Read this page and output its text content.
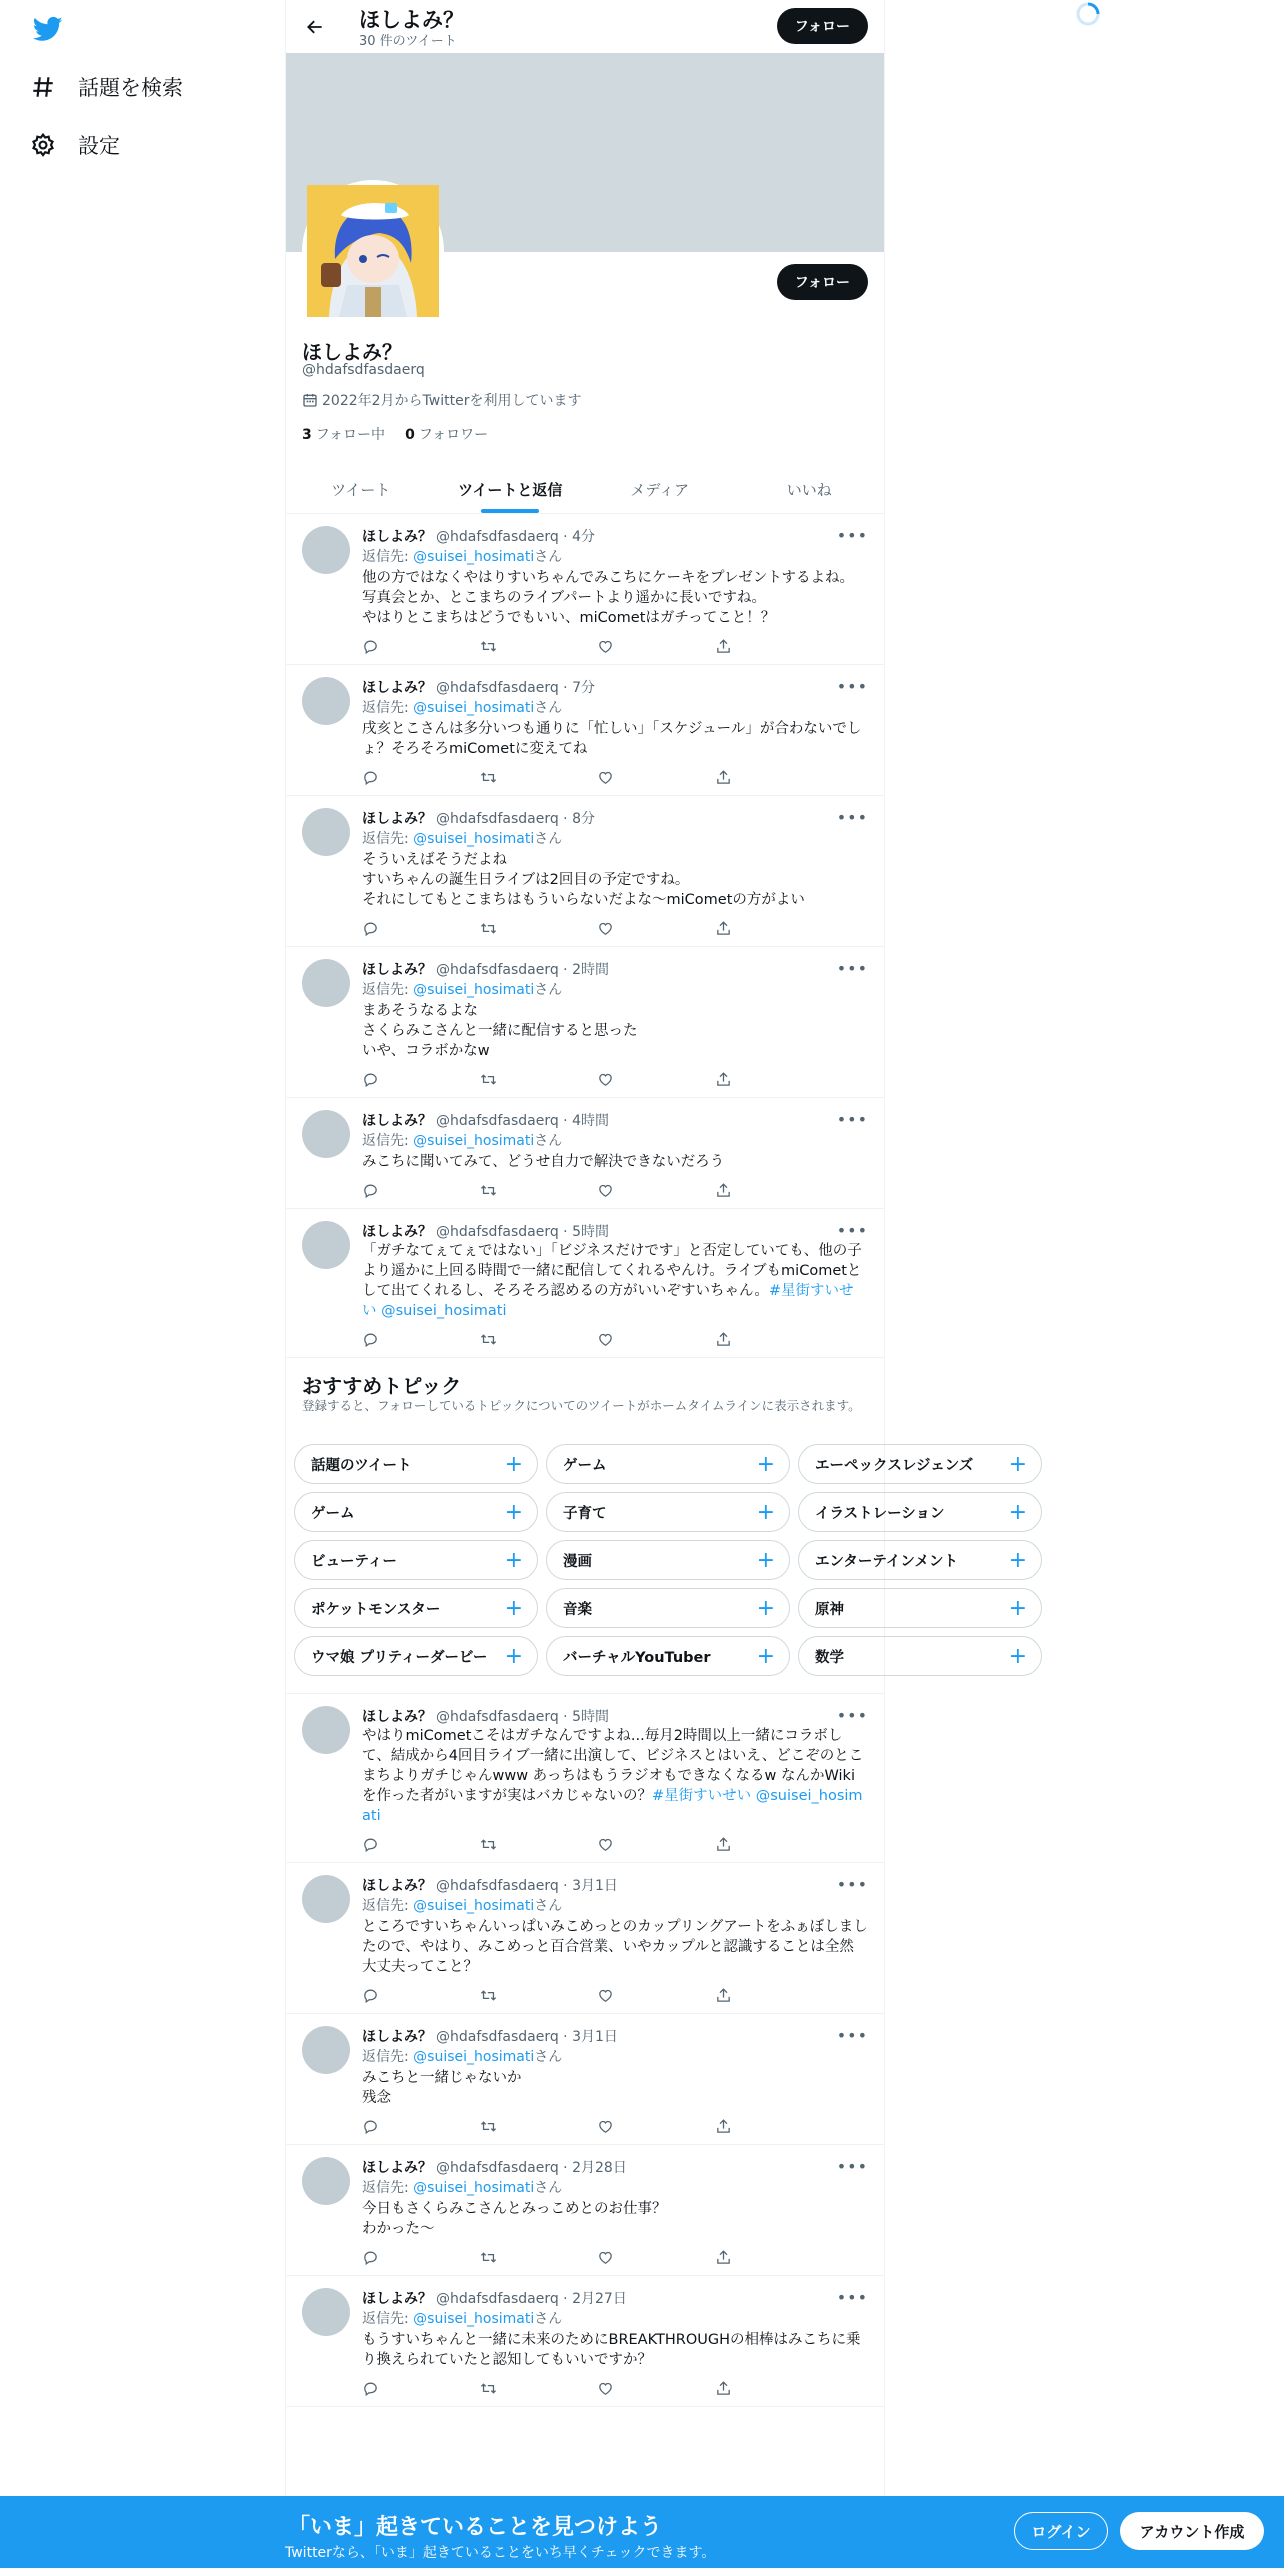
話題を検索
設定
ほしよみ？
30 件のツイート
フォロー
フォロー
ほしよみ？
@hdafsdfasdaerq
2022年2月からTwitterを利用しています
3 フォロー中 0 フォロワー
ツイート	ツイートと返信	メディア	いいね
ほしよみ？ @hdafsdfasdaerq · 4分	•••
返信先: @suisei_hosimatiさん
他の方ではなくやはりすいちゃんでみこちにケーキをプレゼントするよね。
写真会とか、とこまちのライブパートより遥かに長いですね。
やはりとこまちはどうでもいい、miCometはガチってこと！？
ほしよみ？ @hdafsdfasdaerq · 7分	•••
返信先: @suisei_hosimatiさん
戌亥とこさんは多分いつも通りに「忙しい」「スケジュール」が合わないでしょ？そろそろmiCometに変えてね
ほしよみ？ @hdafsdfasdaerq · 8分	•••
返信先: @suisei_hosimatiさん
そういえばそうだよね
すいちゃんの誕生日ライブは2回目の予定ですね。
それにしてもとこまちはもういらないだよな～miCometの方がよい
ほしよみ？ @hdafsdfasdaerq · 2時間	•••
返信先: @suisei_hosimatiさん
まあそうなるよな
さくらみこさんと一緒に配信すると思った
いや、コラボかなw
ほしよみ？ @hdafsdfasdaerq · 4時間	•••
返信先: @suisei_hosimatiさん
みこちに聞いてみて、どうせ自力で解決できないだろう
ほしよみ？ @hdafsdfasdaerq · 5時間	•••
「ガチなてぇてぇではない」「ビジネスだけです」と否定していても、他の子より遥かに上回る時間で一緒に配信してくれるやんけ。ライブもmiCometとして出てくれるし、そろそろ認めるの方がいいぞすいちゃん。#星街すいせい @suisei_hosimati
おすすめトピック
登録すると、フォローしているトピックについてのツイートがホームタイムラインに表示されます。
話題のツイート	+	ゲーム	+	エーペックスレジェンズ +
ゲーム	+	子育て	+	イラストレーション	+
ビューティー	+	漫画	+	エンターテインメント +
ポケットモンスター	+	音楽	+	原神	+
ウマ娘 プリティーダービー +	バーチャルYouTuber +	数学	+
ほしよみ？ @hdafsdfasdaerq · 5時間	•••
やはりmiCometこそはガチなんですよね...毎月2時間以上一緒にコラボして、結成から4回目ライブ一緒に出演して、ビジネスとはいえ、どこぞのとこまちよりガチじゃんwww あっちはもうラジオもできなくなるw なんかWikiを作った者がいますが実はバカじゃないの？#星街すいせい @suisei_hosimati
ほしよみ？ @hdafsdfasdaerq · 3月1日	•••
返信先: @suisei_hosimatiさん
ところですいちゃんいっぱいみこめっとのカップリングアートをふぁぼしましたので、やはり、みこめっと百合営業、いやカップルと認識することは全然大丈夫ってこと？
ほしよみ？ @hdafsdfasdaerq · 3月1日	•••
返信先: @suisei_hosimatiさん
みこちと一緒じゃないか
残念
ほしよみ？ @hdafsdfasdaerq · 2月28日	•••
返信先: @suisei_hosimatiさん
今日もさくらみこさんとみっこめとのお仕事？
わかった～
ほしよみ？ @hdafsdfasdaerq · 2月27日	•••
返信先: @suisei_hosimatiさん
もうすいちゃんと一緒に未来のためにBREAKTHROUGHの相棒はみこちに乗り換えられていたと認知してもいいですか？
「いま」起きていることを見つけよう
Twitterなら、「いま」起きていることをいち早くチェックできます。
ログイン	アカウント作成
